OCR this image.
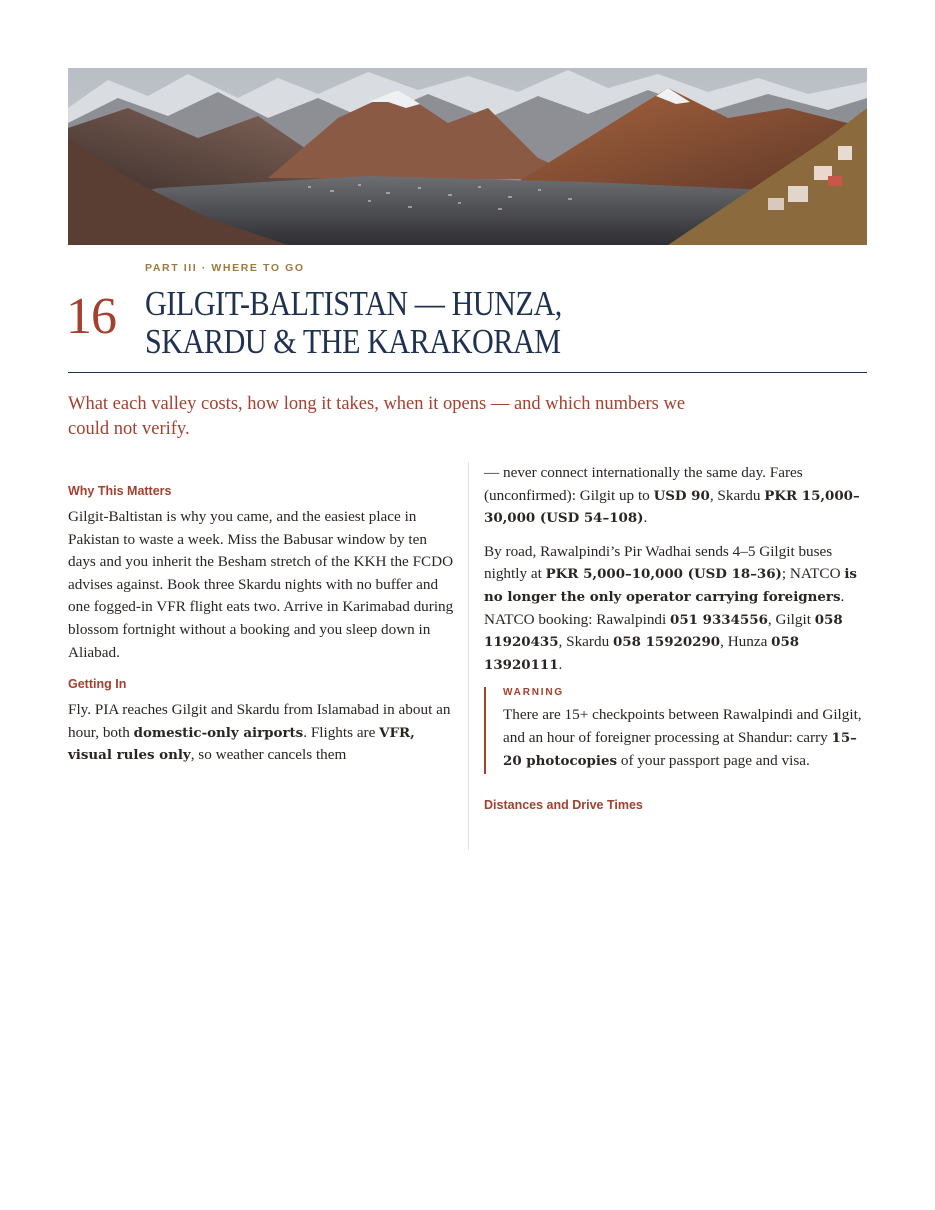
PART III · WHERE TO GO
16 GILGIT-BALTISTAN — HUNZA,
SKARDU & THE KARAKORAM

What each valley costs, how long it takes, when it opens — and which numbers we could not verify.

Why This Matters

Gilgit-Baltistan is why you came, and the easiest place in Pakistan to waste a week. Miss the Babusar window by ten days and you inherit the Besham stretch of the KKH the FCDO advises against. Book three Skardu nights with no buffer and one fogged-in VFR flight eats two. Arrive in Karimabad during blossom fortnight without a booking and you sleep down in Aliabad.

Getting In

Fly. PIA reaches Gilgit and Skardu from Islamabad in about an hour, both domestic-only airports. Flights are VFR, visual rules only, so weather cancels them

— never connect internationally the same day. Fares (unconfirmed): Gilgit up to USD 90, Skardu PKR 15,000–30,000 (USD 54–108).

By road, Rawalpindi’s Pir Wadhai sends 4–5 Gilgit buses nightly at PKR 5,000–10,000 (USD 18–36); NATCO is no longer the only operator carrying foreigners. NATCO booking: Rawalpindi 051 9334556, Gilgit 058 11920435, Skardu 058 15920290, Hunza 058 13920111.

WARNING

There are 15+ checkpoints between Rawalpindi and Gilgit, and an hour of foreigner processing at Shandur: carry 15–20 photocopies of your passport page and visa.

Distances and Drive Times
